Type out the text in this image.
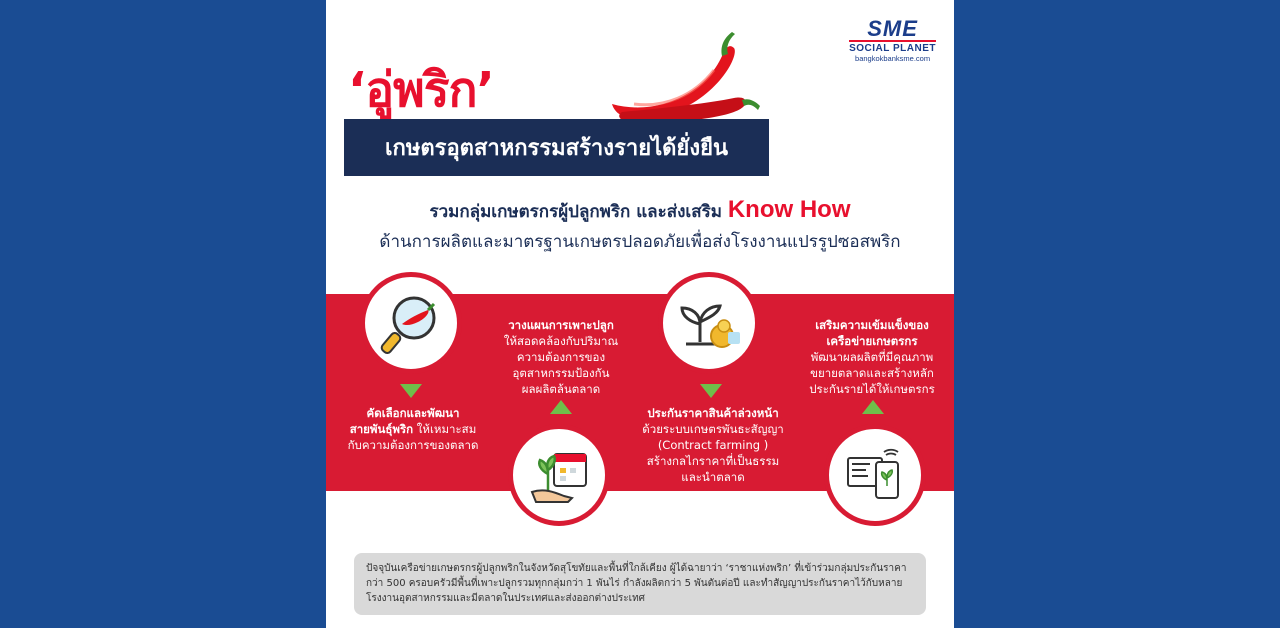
SME
SOCIAL PLANET
bangkokbanksme.com
‘อู่พริก’
เกษตรอุตสาหกรรมสร้างรายได้ยั่งยืน
รวมกลุ่มเกษตรกรผู้ปลูกพริก และส่งเสริม Know How
ด้านการผลิตและมาตรฐานเกษตรปลอดภัยเพื่อส่งโรงงานแปรรูปซอสพริก
คัดเลือกและพัฒนา
สายพันธุ์พริก ให้เหมาะสม
กับความต้องการของตลาด
วางแผนการเพาะปลูก
ให้สอดคล้องกับปริมาณ
ความต้องการของ
อุตสาหกรรมป้องกัน
ผลผลิตล้นตลาด
ประกันราคาสินค้าล่วงหน้า
ด้วยระบบเกษตรพันธะสัญญา
(Contract farming )
สร้างกลไกราคาที่เป็นธรรม
และนำตลาด
เสริมความเข้มแข็งของ
เครือข่ายเกษตรกร
พัฒนาผลผลิตที่มีคุณภาพ
ขยายตลาดและสร้างหลัก
ประกันรายได้ให้เกษตรกร
ปัจจุบันเครือข่ายเกษตรกรผู้ปลูกพริกในจังหวัดสุโขทัยและพื้นที่ใกล้เคียง ผู้ได้ฉายาว่า ‘ราชาแห่งพริก’ ที่เข้าร่วมกลุ่มประกันราคากว่า 500 ครอบครัวมีพื้นที่เพาะปลูกรวมทุกกลุ่มกว่า 1 พันไร่ กำลังผลิตกว่า 5 พันตันต่อปี และทำสัญญาประกันราคาไว้กับหลายโรงงานอุตสาหกรรมและมีตลาดในประเทศและส่งออกต่างประเทศ
